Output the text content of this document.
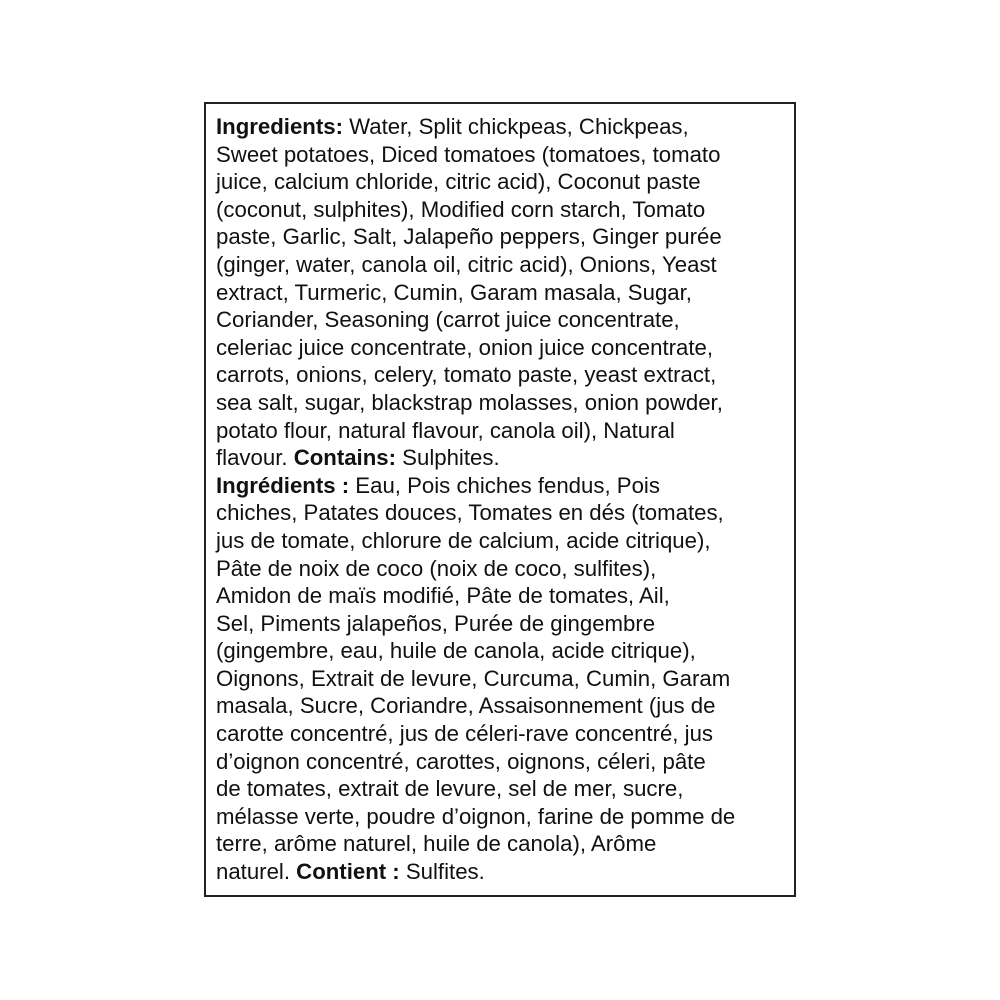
Ingredients: Water, Split chickpeas, Chickpeas,
Sweet potatoes, Diced tomatoes (tomatoes, tomato
juice, calcium chloride, citric acid), Coconut paste
(coconut, sulphites), Modified corn starch, Tomato
paste, Garlic, Salt, Jalapeño peppers, Ginger purée
(ginger, water, canola oil, citric acid), Onions, Yeast
extract, Turmeric, Cumin, Garam masala, Sugar,
Coriander, Seasoning (carrot juice concentrate,
celeriac juice concentrate, onion juice concentrate,
carrots, onions, celery, tomato paste, yeast extract,
sea salt, sugar, blackstrap molasses, onion powder,
potato flour, natural flavour, canola oil), Natural
flavour. Contains: Sulphites.
Ingrédients : Eau, Pois chiches fendus, Pois
chiches, Patates douces, Tomates en dés (tomates,
jus de tomate, chlorure de calcium, acide citrique),
Pâte de noix de coco (noix de coco, sulfites),
Amidon de maïs modifié, Pâte de tomates, Ail,
Sel, Piments jalapeños, Purée de gingembre
(gingembre, eau, huile de canola, acide citrique),
Oignons, Extrait de levure, Curcuma, Cumin, Garam
masala, Sucre, Coriandre, Assaisonnement (jus de
carotte concentré, jus de céleri-rave concentré, jus
d’oignon concentré, carottes, oignons, céleri, pâte
de tomates, extrait de levure, sel de mer, sucre,
mélasse verte, poudre d’oignon, farine de pomme de
terre, arôme naturel, huile de canola), Arôme
naturel. Contient : Sulfites.
